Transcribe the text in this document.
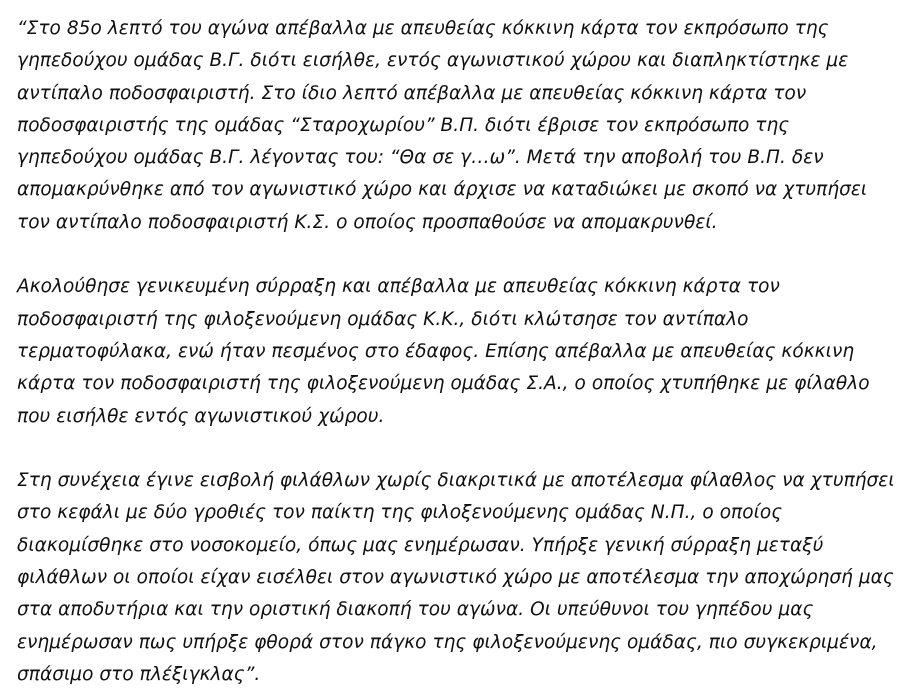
“Στο 85ο λεπτό του αγώνα απέβαλλα με απευθείας κόκκινη κάρτα τον εκπρόσωπο της γηπεδούχου ομάδας Β.Γ. διότι εισήλθε, εντός αγωνιστικού χώρου και διαπληκτίστηκε με αντίπαλο ποδοσφαιριστή. Στο ίδιο λεπτό απέβαλλα με απευθείας κόκκινη κάρτα τον ποδοσφαιριστής της ομάδας “Σταροχωρίου” Β.Π. διότι έβρισε τον εκπρόσωπο της γηπεδούχου ομάδας Β.Γ. λέγοντας του: “Θα σε γ…ω”. Μετά την αποβολή του Β.Π. δεν απομακρύνθηκε από τον αγωνιστικό χώρο και άρχισε να καταδιώκει με σκοπό να χτυπήσει τον αντίπαλο ποδοσφαιριστή Κ.Σ. ο οποίος προσπαθούσε να απομακρυνθεί.

Ακολούθησε γενικευμένη σύρραξη και απέβαλλα με απευθείας κόκκινη κάρτα τον ποδοσφαιριστή της φιλοξενούμενη ομάδας Κ.Κ., διότι κλώτσησε τον αντίπαλο τερματοφύλακα, ενώ ήταν πεσμένος στο έδαφος. Επίσης απέβαλλα με απευθείας κόκκινη κάρτα τον ποδοσφαιριστή της φιλοξενούμενη ομάδας Σ.Α., ο οποίος χτυπήθηκε με φίλαθλο που εισήλθε εντός αγωνιστικού χώρου.

Στη συνέχεια έγινε εισβολή φιλάθλων χωρίς διακριτικά με αποτέλεσμα φίλαθλος να χτυπήσει στο κεφάλι με δύο γροθιές τον παίκτη της φιλοξενούμενης ομάδας Ν.Π., ο οποίος διακομίσθηκε στο νοσοκομείο, όπως μας ενημέρωσαν. Υπήρξε γενική σύρραξη μεταξύ φιλάθλων οι οποίοι είχαν εισέλθει στον αγωνιστικό χώρο με αποτέλεσμα την αποχώρησή μας στα αποδυτήρια και την οριστική διακοπή του αγώνα. Οι υπεύθυνοι του γηπέδου μας ενημέρωσαν πως υπήρξε φθορά στον πάγκο της φιλοξενούμενης ομάδας, πιο συγκεκριμένα, σπάσιμο στο πλέξιγκλας”.
